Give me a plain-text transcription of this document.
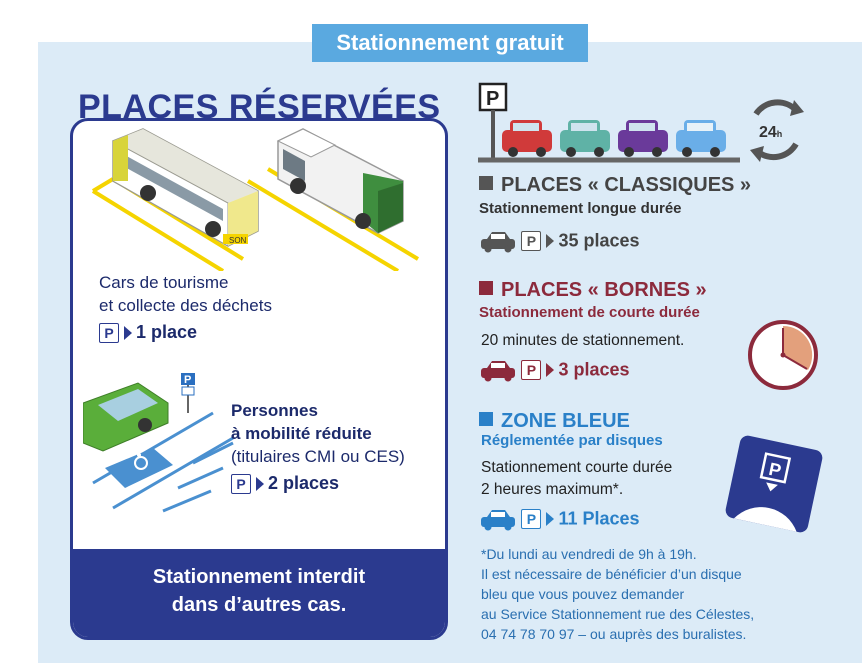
Stationnement gratuit
SON
Cars de tourisme
et collecte des déchets
P 1 place
P
Personnes
à mobilité réduite
(titulaires CMI ou CES)
P 2 places
Stationnement interdit
dans d’autres cas.
PLACES RÉSERVÉES P
24h
PLACES « CLASSIQUES »
Stationnement longue durée
P 35 places
PLACES « BORNES »
Stationnement de courte durée
20 minutes de stationnement.
P 3 places
ZONE BLEUE
Réglementée par disques
Stationnement courte durée
2 heures maximum*.
P 11 Places
P
*Du lundi au vendredi de 9h à 19h.
Il est nécessaire de bénéficier d’un disque
bleu que vous pouvez demander
au Service Stationnement rue des Célestes,
04 74 78 70 97 – ou auprès des buralistes.
